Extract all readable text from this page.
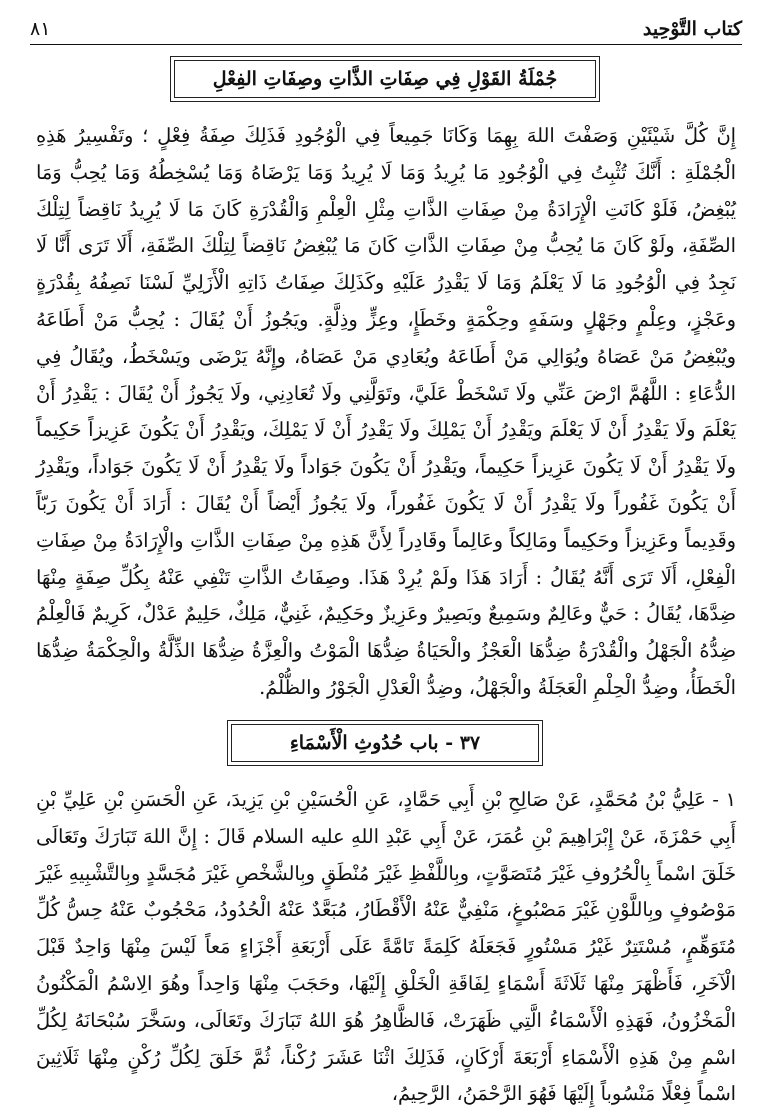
كتاب التَّوْحِيد
٨١
جُمْلَةُ القَوْلِ فِي صِفَاتِ الذَّاتِ وصِفَاتِ الفِعْلِ
إِنَّ كُلَّ شَيْئَيْنِ وَصَفْتَ اللهَ بِهِمَا وَكَانَا جَمِيعاً فِي الْوُجُودِ فَذَلِكَ صِفَةُ فِعْلٍ ؛ وتَفْسِيرُ هَذِهِ الْجُمْلَةِ : أَنَّكَ تُثْبِتُ فِي الْوُجُودِ مَا يُرِيدُ وَمَا لَا يُرِيدُ وَمَا يَرْضَاهُ وَمَا يُسْخِطُهُ وَمَا يُحِبُّ وَمَا يُبْغِضُ، فَلَوْ كَانَتِ الْإِرَادَةُ مِنْ صِفَاتِ الذَّاتِ مِثْلِ الْعِلْمِ وَالْقُدْرَةِ كَانَ مَا لَا يُرِيدُ نَاقِضاً لِتِلْكَ الصِّفَةِ، ولَوْ كَانَ مَا يُحِبُّ مِنْ صِفَاتِ الذَّاتِ كَانَ مَا يُبْغِضُ نَاقِضاً لِتِلْكَ الصِّفَةِ، أَلَا تَرَى أَنَّا لَا نَجِدُ فِي الْوُجُودِ مَا لَا يَعْلَمُ وَمَا لَا يَقْدِرُ عَلَيْهِ وكَذَلِكَ صِفَاتُ ذَاتِهِ الْأَزَلِيِّ لَسْنَا نَصِفُهُ بِقُدْرَةٍ وعَجْزٍ، وعِلْمٍ وجَهْلٍ وسَفَهٍ وحِكْمَةٍ وخَطَإٍ، وعِزٍّ وذِلَّةٍ. ويَجُوزُ أَنْ يُقَالَ : يُحِبُّ مَنْ أَطَاعَهُ ويُبْغِضُ مَنْ عَصَاهُ ويُوَالِي مَنْ أَطَاعَهُ ويُعَادِي مَنْ عَصَاهُ، وإِنَّهُ يَرْضَى ويَسْخَطُ، ويُقَالُ فِي الدُّعَاءِ : اللَّهُمَّ ارْضَ عَنِّي ولَا تَسْخَطْ عَلَيَّ، وتَوَلَّنِي ولَا تُعَادِنِي، ولَا يَجُوزُ أَنْ يُقَالَ : يَقْدِرُ أَنْ يَعْلَمَ ولَا يَقْدِرُ أَنْ لَا يَعْلَمَ ويَقْدِرُ أَنْ يَمْلِكَ ولَا يَقْدِرُ أَنْ لَا يَمْلِكَ، ويَقْدِرُ أَنْ يَكُونَ عَزِيزاً حَكِيماً ولَا يَقْدِرُ أَنْ لَا يَكُونَ عَزِيزاً حَكِيماً، ويَقْدِرُ أَنْ يَكُونَ جَوَاداً ولَا يَقْدِرُ أَنْ لَا يَكُونَ جَوَاداً، ويَقْدِرُ أَنْ يَكُونَ غَفُوراً ولَا يَقْدِرُ أَنْ لَا يَكُونَ غَفُوراً، ولَا يَجُوزُ أَيْضاً أَنْ يُقَالَ : أَرَادَ أَنْ يَكُونَ رَبّاً وقَدِيماً وعَزِيزاً وحَكِيماً ومَالِكاً وعَالِماً وقَادِراً لِأَنَّ هَذِهِ مِنْ صِفَاتِ الذَّاتِ والْإِرَادَةُ مِنْ صِفَاتِ الْفِعْلِ، أَلَا تَرَى أَنَّهُ يُقَالُ : أَرَادَ هَذَا ولَمْ يُرِدْ هَذَا. وصِفَاتُ الذَّاتِ تَنْفِي عَنْهُ بِكُلِّ صِفَةٍ مِنْهَا ضِدَّهَا، يُقَالُ : حَيٌّ وعَالِمٌ وسَمِيعٌ وبَصِيرٌ وعَزِيزٌ وحَكِيمٌ، غَنِيٌّ، مَلِكٌ، حَلِيمٌ عَدْلٌ، كَرِيمٌ فَالْعِلْمُ ضِدُّهُ الْجَهْلُ والْقُدْرَةُ ضِدُّهَا الْعَجْزُ والْحَيَاةُ ضِدُّهَا الْمَوْتُ والْعِزَّةُ ضِدُّهَا الذِّلَّةُ والْحِكْمَةُ ضِدُّهَا الْخَطَأُ، وضِدُّ الْحِلْمِ الْعَجَلَةُ والْجَهْلُ، وضِدُّ الْعَدْلِ الْجَوْرُ والظُّلْمُ.
٣٧ - باب حُدُوثِ الْأَسْمَاءِ
١ - عَلِيُّ بْنُ مُحَمَّدٍ، عَنْ صَالِحِ بْنِ أَبِي حَمَّادٍ، عَنِ الْحُسَيْنِ بْنِ يَزِيدَ، عَنِ الْحَسَنِ بْنِ عَلِيِّ بْنِ أَبِي حَمْزَةَ، عَنْ إِبْرَاهِيمَ بْنِ عُمَرَ، عَنْ أَبِي عَبْدِ اللهِ عليه السلام قَالَ : إِنَّ اللهَ تَبَارَكَ وتَعَالَى خَلَقَ اسْماً بِالْحُرُوفِ غَيْرَ مُتَصَوَّتٍ، وبِاللَّفْظِ غَيْرَ مُنْطَقٍ وبِالشَّخْصِ غَيْرَ مُجَسَّدٍ وبِالتَّشْبِيهِ غَيْرَ مَوْصُوفٍ وبِاللَّوْنِ غَيْرَ مَصْبُوغٍ، مَنْفِيٌّ عَنْهُ الْأَقْطَارُ، مُبَعَّدٌ عَنْهُ الْحُدُودُ، مَحْجُوبٌ عَنْهُ حِسُّ كُلِّ مُتَوَهِّمٍ، مُسْتَتِرٌ غَيْرُ مَسْتُورٍ فَجَعَلَهُ كَلِمَةً تَامَّةً عَلَى أَرْبَعَةِ أَجْزَاءٍ مَعاً لَيْسَ مِنْهَا وَاحِدٌ قَبْلَ الْآخَرِ، فَأَظْهَرَ مِنْهَا ثَلَاثَةَ أَسْمَاءٍ لِفَاقَةِ الْخَلْقِ إِلَيْهَا، وحَجَبَ مِنْهَا وَاحِداً وهُوَ الِاسْمُ الْمَكْنُونُ الْمَخْزُونُ، فَهَذِهِ الْأَسْمَاءُ الَّتِي ظَهَرَتْ، فَالظَّاهِرُ هُوَ اللهُ تَبَارَكَ وتَعَالَى، وسَخَّرَ سُبْحَانَهُ لِكُلِّ اسْمٍ مِنْ هَذِهِ الْأَسْمَاءِ أَرْبَعَةَ أَرْكَانٍ، فَذَلِكَ اثْنَا عَشَرَ رُكْناً، ثُمَّ خَلَقَ لِكُلِّ رُكْنٍ مِنْهَا ثَلَاثِينَ اسْماً فِعْلًا مَنْسُوباً إِلَيْهَا فَهُوَ الرَّحْمَنُ، الرَّحِيمُ،
